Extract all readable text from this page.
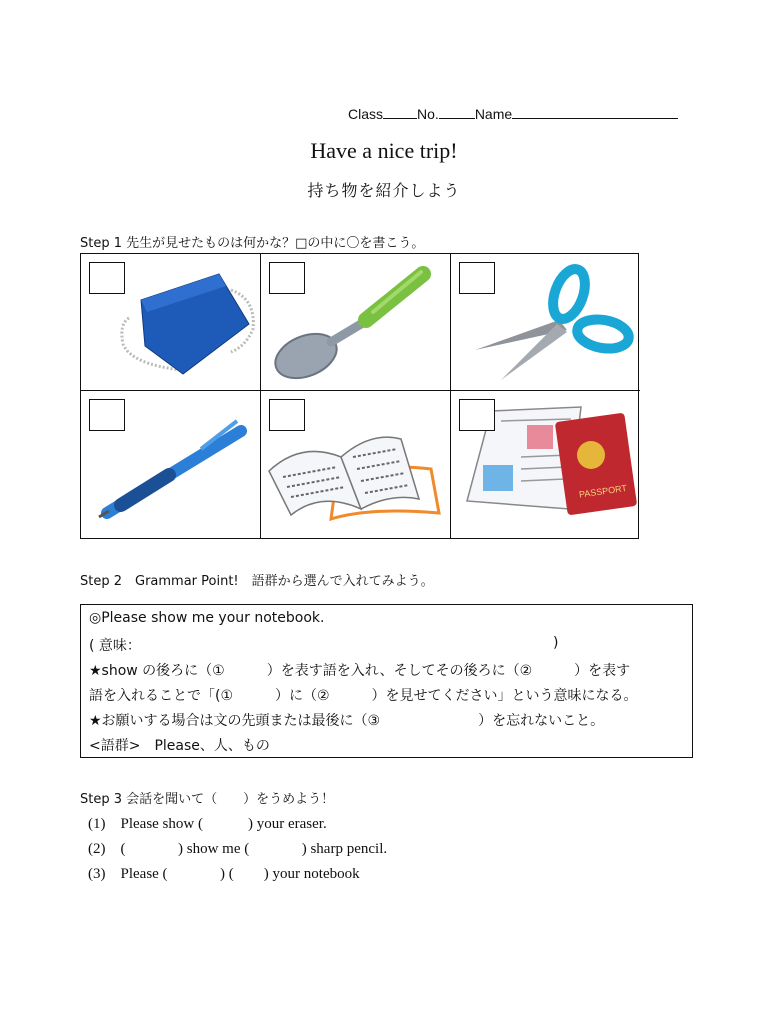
Class No.	Name
Have a nice trip!
持ち物を紹介しよう
Step 1 先生が見せたものは何かな？□の中に〇を書こう。
PASSPORT
Step 2　Grammar Point!　語群から選んで入れてみよう。
◎Please show me your notebook.
( 意味：	)
★show の後ろに（①　　　）を表す語を入れ、そしてその後ろに（②　　　）を表す
語を入れることで「(①　　　）に（②　　　）を見せてください」という意味になる。
★お願いする場合は文の先頭または最後に（③　　　　　　　）を忘れないこと。
<語群>　Please、人、もの
Step 3 会話を聞いて（　　）をうめよう！
(1)　Please show (            ) your eraser.
(2)　(              ) show me (              ) sharp pencil.
(3)　Please (              ) (        ) your notebook
